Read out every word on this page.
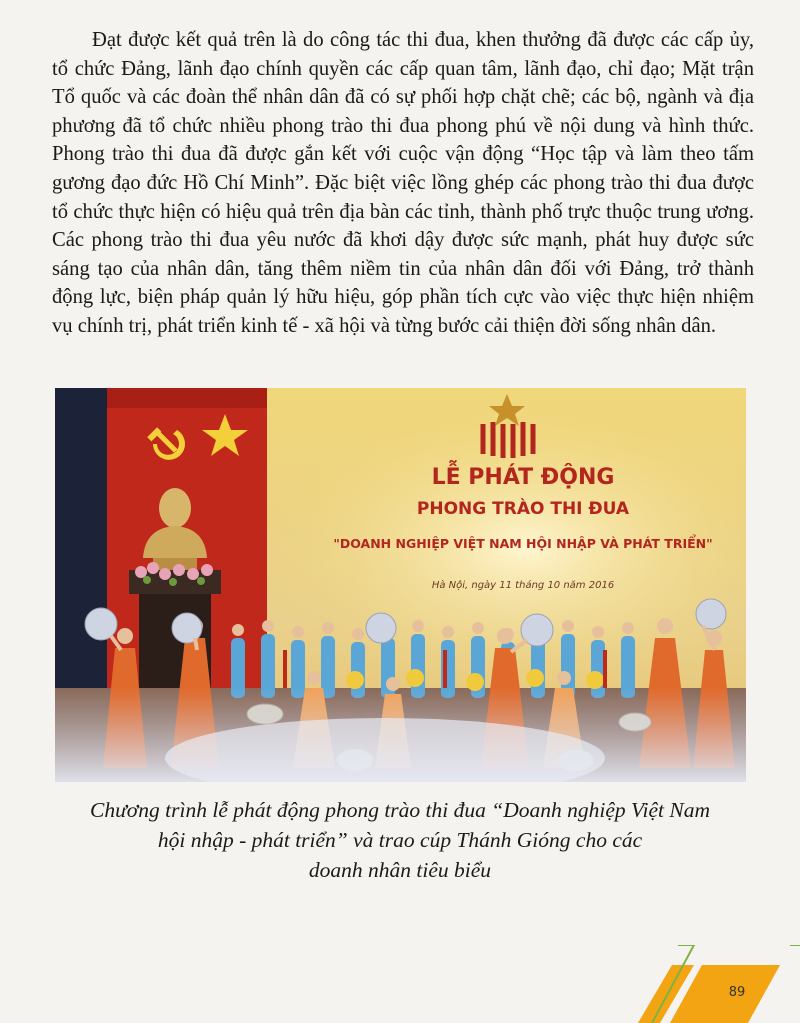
Đạt được kết quả trên là do công tác thi đua, khen thưởng đã được các cấp ủy, tổ chức Đảng, lãnh đạo chính quyền các cấp quan tâm, lãnh đạo, chỉ đạo; Mặt trận Tổ quốc và các đoàn thể nhân dân đã có sự phối hợp chặt chẽ; các bộ, ngành và địa phương đã tổ chức nhiều phong trào thi đua phong phú về nội dung và hình thức. Phong trào thi đua đã được gắn kết với cuộc vận động “Học tập và làm theo tấm gương đạo đức Hồ Chí Minh”. Đặc biệt việc lồng ghép các phong trào thi đua được tổ chức thực hiện có hiệu quả trên địa bàn các tỉnh, thành phố trực thuộc trung ương. Các phong trào thi đua yêu nước đã khơi dậy được sức mạnh, phát huy được sức sáng tạo của nhân dân, tăng thêm niềm tin của nhân dân đối với Đảng, trở thành động lực, biện pháp quản lý hữu hiệu, góp phần tích cực vào việc thực hiện nhiệm vụ chính trị, phát triển kinh tế - xã hội và từng bước cải thiện đời sống nhân dân.

LỄ PHÁT ĐỘNG
PHONG TRÀO THI ĐUA
"DOANH NGHIỆP VIỆT NAM HỘI NHẬP VÀ PHÁT TRIỂN"
Hà Nội, ngày 11 tháng 10 năm 2016

Chương trình lễ phát động phong trào thi đua “Doanh nghiệp Việt Nam
hội nhập - phát triển” và trao cúp Thánh Gióng cho các
doanh nhân tiêu biểu

89
